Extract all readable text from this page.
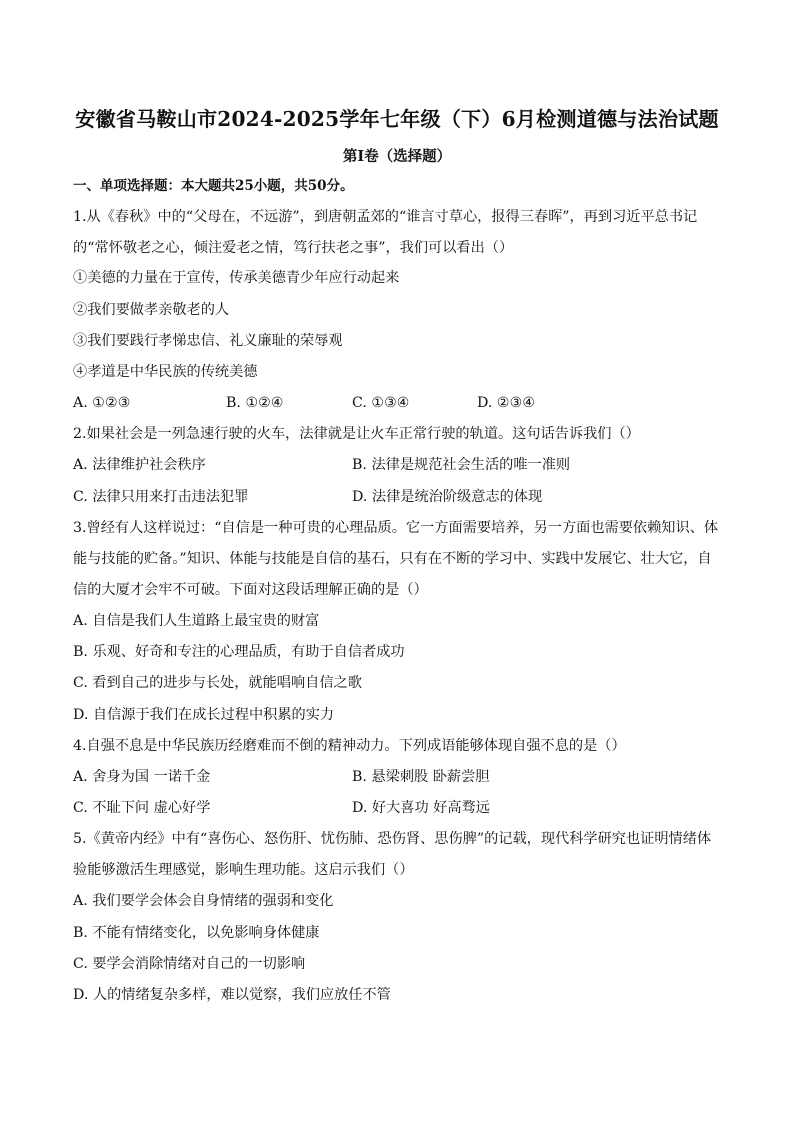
安徽省马鞍山市2024-2025学年七年级（下）6月检测道德与法治试题
第Ⅰ卷（选择题）
一、单项选择题：本大题共25小题，共50分。
1.从《春秋》中的“父母在，不远游”，到唐朝孟郊的“谁言寸草心，报得三春晖”，再到习近平总书记
的“常怀敬老之心，倾注爱老之情，笃行扶老之事”，我们可以看出（）
①美德的力量在于宣传，传承美德青少年应行动起来
②我们要做孝亲敬老的人
③我们要践行孝悌忠信、礼义廉耻的荣辱观
④孝道是中华民族的传统美德
A. ①②③	B. ①②④	C. ①③④	D. ②③④
2.如果社会是一列急速行驶的火车，法律就是让火车正常行驶的轨道。这句话告诉我们（）
A. 法律维护社会秩序	B. 法律是规范社会生活的唯一准则
C. 法律只用来打击违法犯罪	D. 法律是统治阶级意志的体现
3.曾经有人这样说过：“自信是一种可贵的心理品质。它一方面需要培养，另一方面也需要依赖知识、体
能与技能的贮备。”知识、体能与技能是自信的基石，只有在不断的学习中、实践中发展它、壮大它，自
信的大厦才会牢不可破。下面对这段话理解正确的是（）
A. 自信是我们人生道路上最宝贵的财富
B. 乐观、好奇和专注的心理品质，有助于自信者成功
C. 看到自己的进步与长处，就能唱响自信之歌
D. 自信源于我们在成长过程中积累的实力
4.自强不息是中华民族历经磨难而不倒的精神动力。下列成语能够体现自强不息的是（）
A. 舍身为国 一诺千金	B. 悬梁刺股 卧薪尝胆
C. 不耻下问 虚心好学	D. 好大喜功 好高骛远
5.《黄帝内经》中有“喜伤心、怒伤肝、忧伤肺、恐伤肾、思伤脾”的记载，现代科学研究也证明情绪体
验能够激活生理感觉，影响生理功能。这启示我们（）
A. 我们要学会体会自身情绪的强弱和变化
B. 不能有情绪变化，以免影响身体健康
C. 要学会消除情绪对自己的一切影响
D. 人的情绪复杂多样，难以觉察，我们应放任不管
